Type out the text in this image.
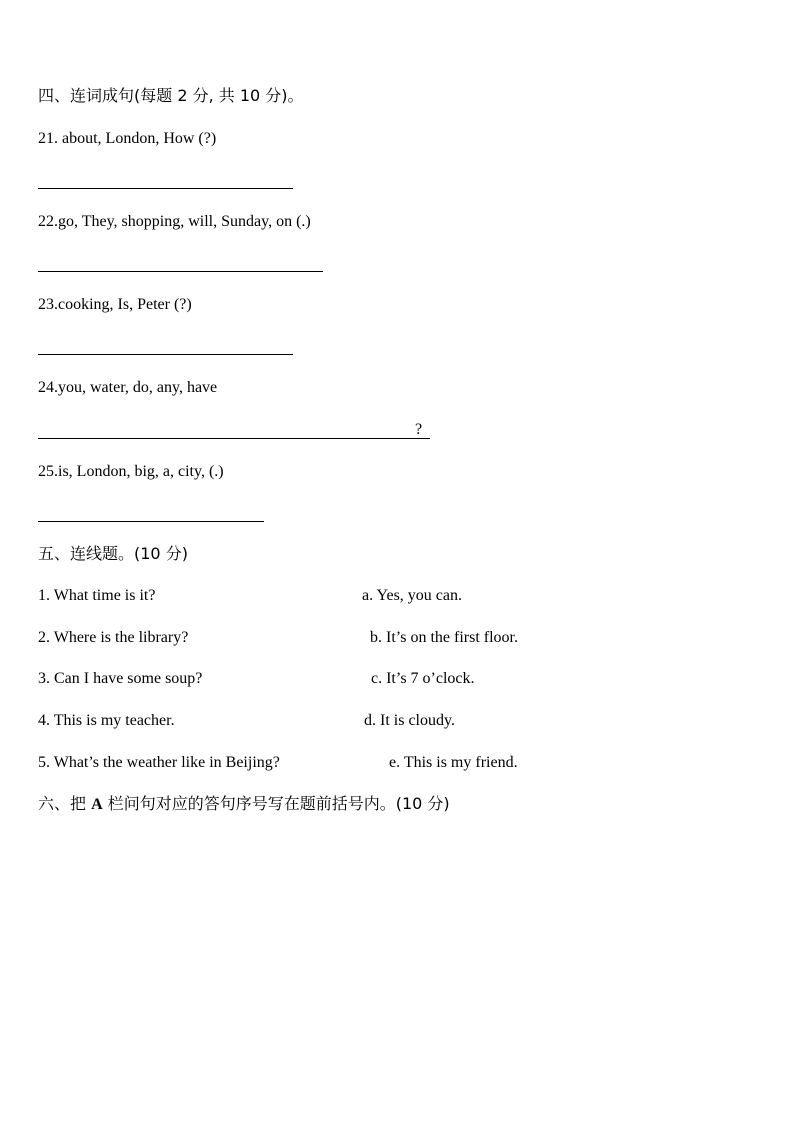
四、连词成句(每题 2 分, 共 10 分)。
21. about, London, How (?)
22.go, They, shopping, will, Sunday, on (.)
23.cooking, Is, Peter (?)
24.you, water, do, any, have
?
25.is, London, big, a, city, (.)
五、连线题。(10 分)
1. What time is it?	a. Yes, you can.
2. Where is the library?	b. It’s on the first floor.
3. Can I have some soup?	c. It’s 7 o’clock.
4. This is my teacher.	d. It is cloudy.
5. What’s the weather like in Beijing?	e. This is my friend.
六、把 A 栏问句对应的答句序号写在题前括号内。(10 分)
